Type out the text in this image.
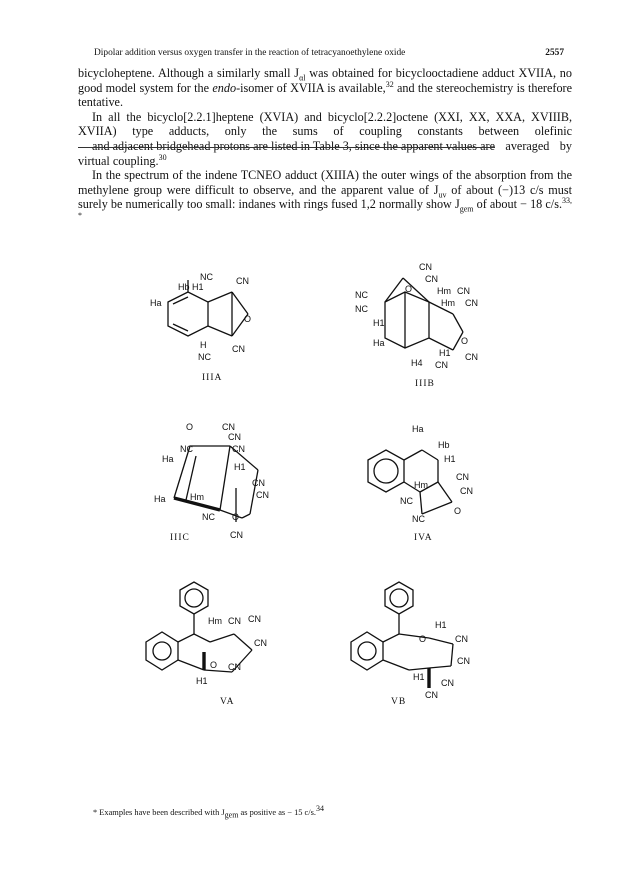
Dipolar addition versus oxygen transfer in the reaction of tetracyanoethylene oxide	2557

bicycloheptene. Although a similarly small $J_{\alpha l}$ was obtained for bicyclooctadiene adduct XVIIA, no good model system for the endo-isomer of XVIIA is available,$^{32}$ and the stereochemistry is therefore tentative.

In all the bicyclo[2.2.1]heptene (XVIA) and bicyclo[2.2.2]octene (XXI, XX, XXA, XVIIIB, XVIIA) type adducts, only the sums of coupling constants between olefinic and adjacent bridgehead protons are listed in Table 3, since the apparent values are averaged by virtual coupling.$^{30}$

In the spectrum of the indene TCNEO adduct (XIIIA) the outer wings of the absorption from the methylene group were difficult to observe, and the apparent value of $J_{uv}$ of about (−)13 c/s must surely be numerically too small: indanes with rings fused 1,2 normally show $J_{gem}$ of about − 18 c/s.$^{33, *}$

NC
Hb H1
CN
Ha
O
H
NC
CN
IIIA
CN
CN
NC
O	Hm CN
Hm CN
NC
H1
Ha
H1
O
CN
H4 CN
IIIB
O	CN
CN
NC	CN
Ha
H1
CN
CN
Ha	Hm
NC O
CN
IIIC
Ha
Hb
H1
CN
CN
Hm
NC
O
NC
IVA
Hm CN CN
CN
O CN
H1
VA
H1
CN
O
CN
H1
CN
CN
VB
* Examples have been described with $J_{gem}$ as positive as − 15 c/s.$^{34}$
